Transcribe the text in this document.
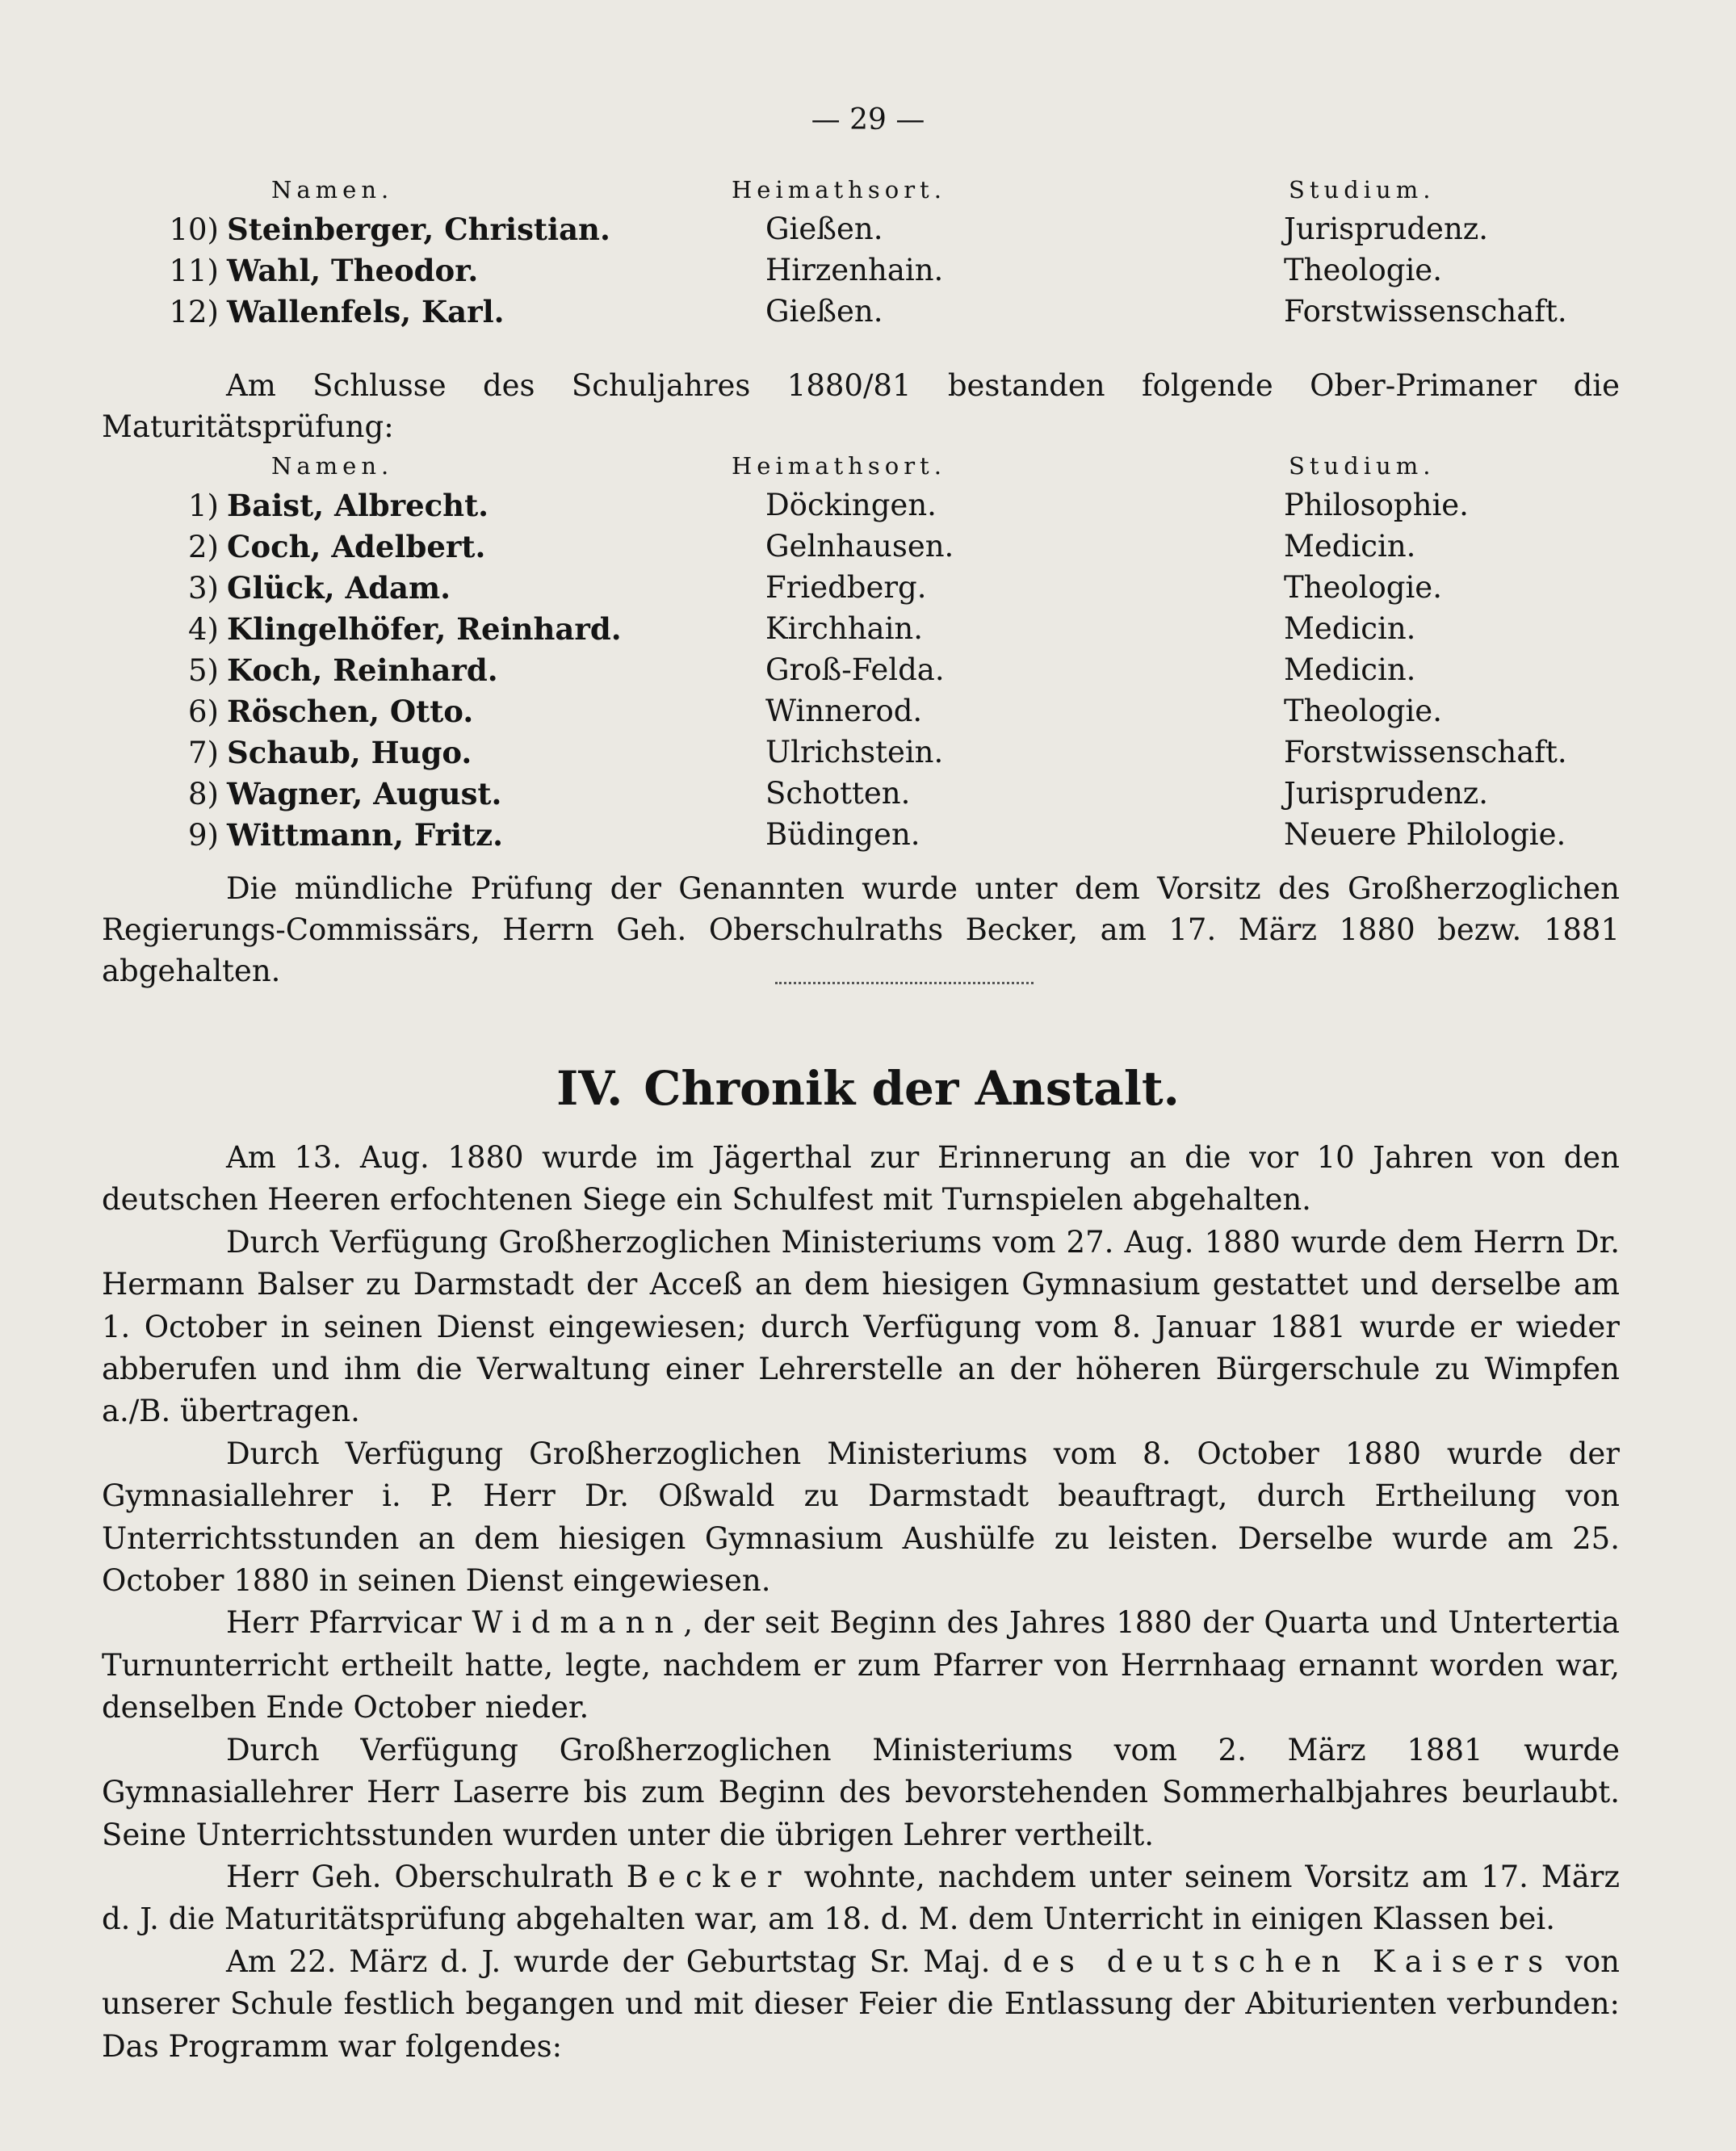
— 29 —
Namen.	Heimathsort.	Studium.
10) Steinberger, Christian.	Gießen.	Jurisprudenz.
11) Wahl, Theodor.	Hirzenhain.	Theologie.
12) Wallenfels, Karl.	Gießen.	Forstwissenschaft.
Am Schlusse des Schuljahres 1880/81 bestanden folgende Ober-Primaner die Maturitätsprüfung:
Namen.	Heimathsort.	Studium.
1) Baist, Albrecht.	Döckingen.	Philosophie.
2) Coch, Adelbert.	Gelnhausen.	Medicin.
3) Glück, Adam.	Friedberg.	Theologie.
4) Klingelhöfer, Reinhard.	Kirchhain.	Medicin.
5) Koch, Reinhard.	Groß-Felda.	Medicin.
6) Röschen, Otto.	Winnerod.	Theologie.
7) Schaub, Hugo.	Ulrichstein.	Forstwissenschaft.
8) Wagner, August.	Schotten.	Jurisprudenz.
9) Wittmann, Fritz.	Büdingen.	Neuere Philologie.
Die mündliche Prüfung der Genannten wurde unter dem Vorsitz des Großherzoglichen Regierungs-Commissärs, Herrn Geh. Oberschulraths Becker, am 17. März 1880 bezw. 1881 abgehalten.
IV. Chronik der Anstalt.

Am 13. Aug. 1880 wurde im Jägerthal zur Erinnerung an die vor 10 Jahren von den deutschen Heeren erfochtenen Siege ein Schulfest mit Turnspielen abgehalten.

Durch Verfügung Großherzoglichen Ministeriums vom 27. Aug. 1880 wurde dem Herrn Dr. Hermann Balser zu Darmstadt der Acceß an dem hiesigen Gymnasium gestattet und derselbe am 1. October in seinen Dienst eingewiesen; durch Verfügung vom 8. Januar 1881 wurde er wieder abberufen und ihm die Verwaltung einer Lehrerstelle an der höheren Bürgerschule zu Wimpfen a./B. übertragen.

Durch Verfügung Großherzoglichen Ministeriums vom 8. October 1880 wurde der Gymnasiallehrer i. P. Herr Dr. Oßwald zu Darmstadt beauftragt, durch Ertheilung von Unterrichtsstunden an dem hiesigen Gymnasium Aushülfe zu leisten. Derselbe wurde am 25. October 1880 in seinen Dienst eingewiesen.

Herr Pfarrvicar Widmann, der seit Beginn des Jahres 1880 der Quarta und Untertertia Turnunterricht ertheilt hatte, legte, nachdem er zum Pfarrer von Herrnhaag ernannt worden war, denselben Ende October nieder.

Durch Verfügung Großherzoglichen Ministeriums vom 2. März 1881 wurde Gymnasiallehrer Herr Laserre bis zum Beginn des bevorstehenden Sommerhalbjahres beurlaubt. Seine Unterrichtsstunden wurden unter die übrigen Lehrer vertheilt.

Herr Geh. Oberschulrath Becker wohnte, nachdem unter seinem Vorsitz am 17. März d. J. die Maturitätsprüfung abgehalten war, am 18. d. M. dem Unterricht in einigen Klassen bei.

Am 22. März d. J. wurde der Geburtstag Sr. Maj. des deutschen Kaisers von unserer Schule festlich begangen und mit dieser Feier die Entlassung der Abiturienten verbunden: Das Programm war folgendes:
